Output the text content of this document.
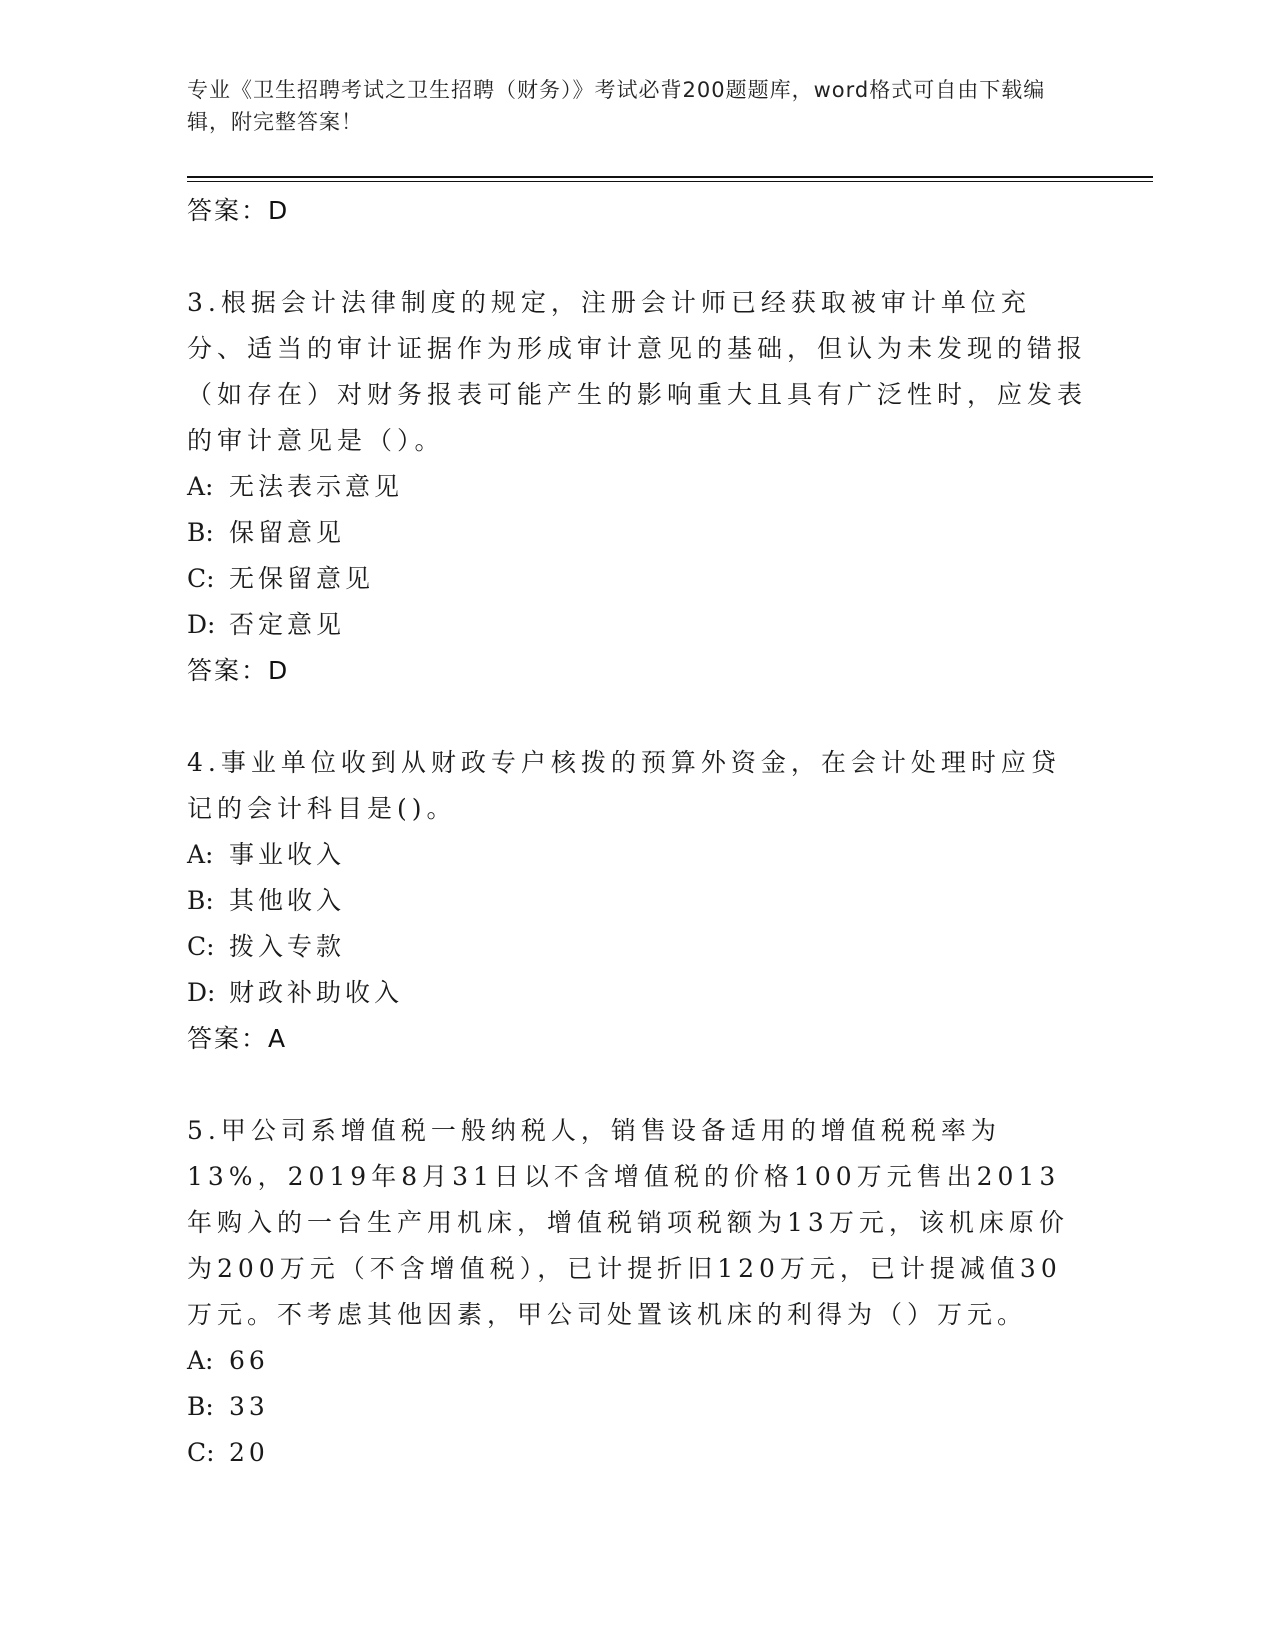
专业《卫生招聘考试之卫生招聘（财务）》考试必背200题题库，word格式可自由下载编辑，附完整答案！
答案：D
3.根据会计法律制度的规定，注册会计师已经获取被审计单位充分、适当的审计证据作为形成审计意见的基础，但认为未发现的错报（如存在）对财务报表可能产生的影响重大且具有广泛性时，应发表的审计意见是（）。
A: 无法表示意见
B: 保留意见
C: 无保留意见
D: 否定意见
答案：D
4.事业单位收到从财政专户核拨的预算外资金，在会计处理时应贷记的会计科目是()。
A: 事业收入
B: 其他收入
C: 拨入专款
D: 财政补助收入
答案：A
5.甲公司系增值税一般纳税人，销售设备适用的增值税税率为13%，2019年8月31日以不含增值税的价格100万元售出2013年购入的一台生产用机床，增值税销项税额为13万元，该机床原价为200万元（不含增值税），已计提折旧120万元，已计提减值30万元。不考虑其他因素，甲公司处置该机床的利得为（）万元。
A: 66
B: 33
C: 20
